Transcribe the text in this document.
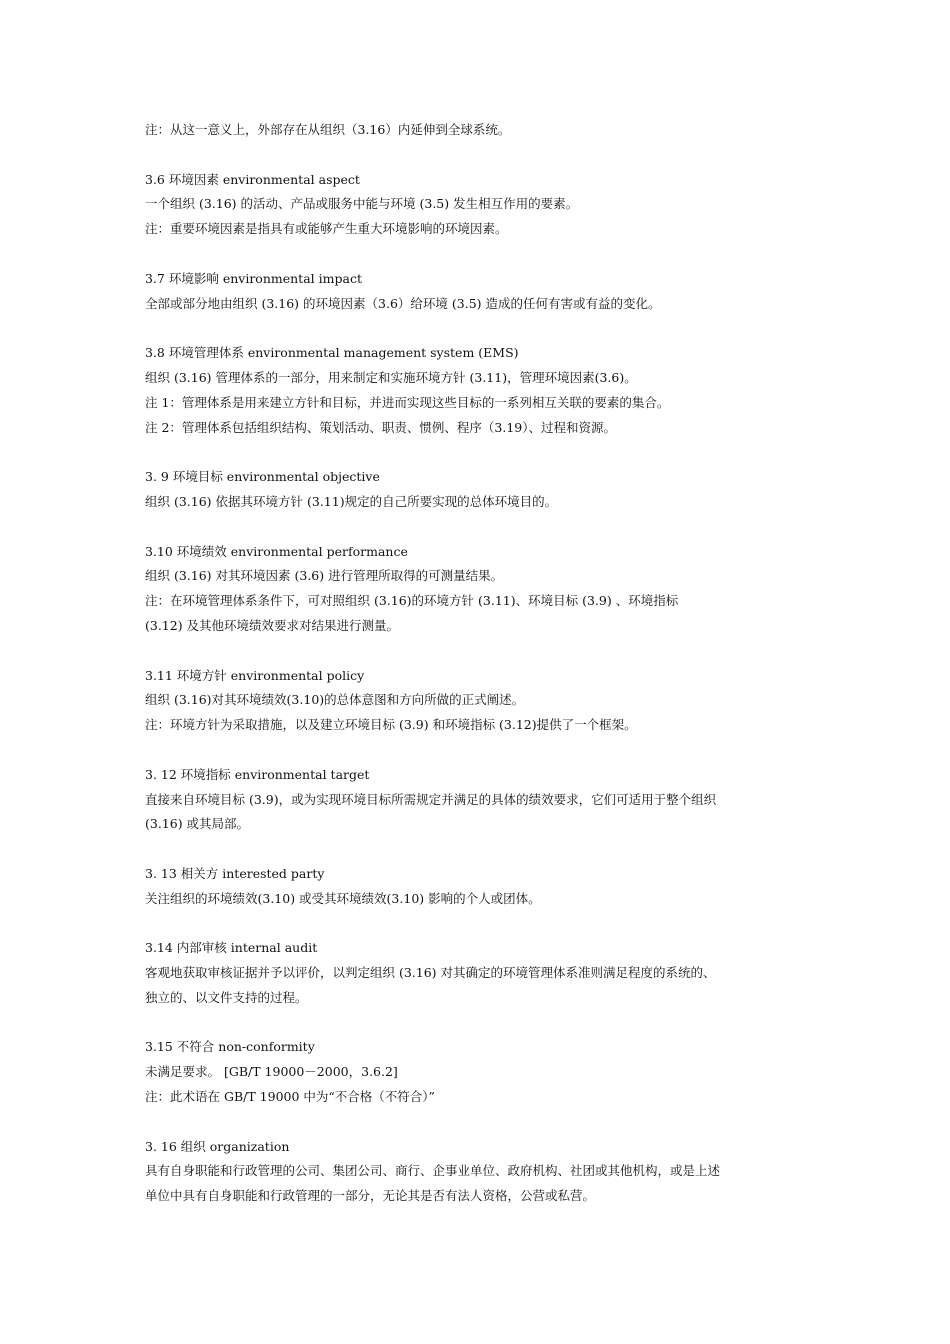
注：从这一意义上，外部存在从组织（3.16）内延伸到全球系统。
3.6 环境因素 environmental aspect
一个组织 (3.16) 的活动、产品或服务中能与环境 (3.5) 发生相互作用的要素。
注：重要环境因素是指具有或能够产生重大环境影响的环境因素。
3.7 环境影响 environmental impact
全部或部分地由组织 (3.16) 的环境因素（3.6）给环境 (3.5) 造成的任何有害或有益的变化。
3.8 环境管理体系 environmental management system (EMS)
组织 (3.16) 管理体系的一部分，用来制定和实施环境方针 (3.11)，管理环境因素(3.6)。
注 1：管理体系是用来建立方针和目标，并进而实现这些目标的一系列相互关联的要素的集合。
注 2：管理体系包括组织结构、策划活动、职责、惯例、程序（3.19）、过程和资源。
3. 9 环境目标 environmental objective
组织 (3.16) 依据其环境方针 (3.11)规定的自己所要实现的总体环境目的。
3.10 环境绩效 environmental performance
组织 (3.16) 对其环境因素 (3.6) 进行管理所取得的可测量结果。
注：在环境管理体系条件下，可对照组织 (3.16)的环境方针 (3.11)、环境目标 (3.9) 、环境指标
(3.12) 及其他环境绩效要求对结果进行测量。
3.11 环境方针 environmental policy
组织 (3.16)对其环境绩效(3.10)的总体意图和方向所做的正式阐述。
注：环境方针为采取措施，以及建立环境目标 (3.9) 和环境指标 (3.12)提供了一个框架。
3. 12 环境指标 environmental target
直接来自环境目标 (3.9)，或为实现环境目标所需规定并满足的具体的绩效要求，它们可适用于整个组织
(3.16) 或其局部。
3. 13 相关方 interested party
关注组织的环境绩效(3.10) 或受其环境绩效(3.10) 影响的个人或团体。
3.14 内部审核 internal audit
客观地获取审核证据并予以评价，以判定组织 (3.16) 对其确定的环境管理体系准则满足程度的系统的、
独立的、以文件支持的过程。
3.15 不符合 non-conformity
未满足要求。 [GB/T 19000－2000，3.6.2]
注：此术语在 GB/T 19000 中为“不合格（不符合）”
3. 16 组织 organization
具有自身职能和行政管理的公司、集团公司、商行、企事业单位、政府机构、社团或其他机构，或是上述
单位中具有自身职能和行政管理的一部分，无论其是否有法人资格，公营或私营。
